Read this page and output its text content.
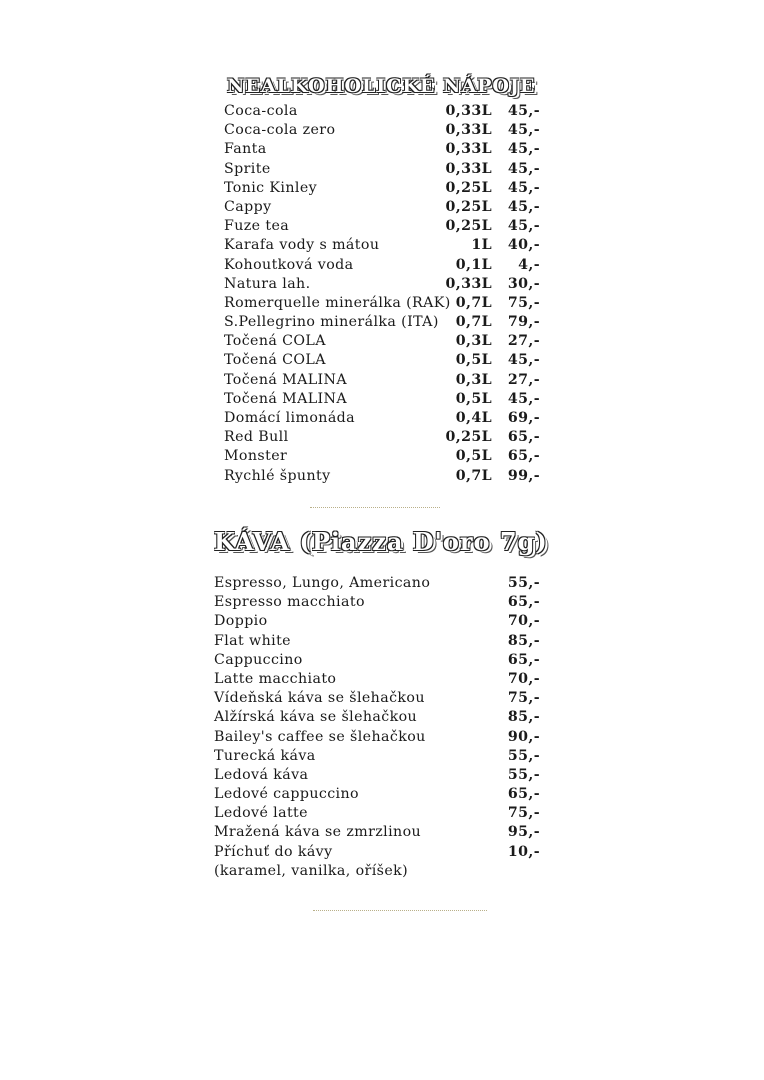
NEALKOHOLICKÉ NÁPOJE
Coca-cola	0,33L	45,-
Coca-cola zero	0,33L	45,-
Fanta	0,33L	45,-
Sprite	0,33L	45,-
Tonic Kinley	0,25L	45,-
Cappy	0,25L	45,-
Fuze tea	0,25L	45,-
Karafa vody s mátou	1L	40,-
Kohoutková voda	0,1L	4,-
Natura lah.	0,33L	30,-
Romerquelle minerálka (RAK) 0,7L	75,-
S.Pellegrino minerálka (ITA) 0,7L	79,-
Točená COLA	0,3L	27,-
Točená COLA	0,5L	45,-
Točená MALINA	0,3L	27,-
Točená MALINA	0,5L	45,-
Domácí limonáda	0,4L	69,-
Red Bull	0,25L	65,-
Monster	0,5L	65,-
Rychlé špunty	0,7L	99,-
KÁVA (Piazza D'oro 7g)
Espresso, Lungo, Americano	55,-
Espresso macchiato	65,-
Doppio	70,-
Flat white	85,-
Cappuccino	65,-
Latte macchiato	70,-
Vídeňská káva se šlehačkou	75,-
Alžírská káva se šlehačkou	85,-
Bailey's caffee se šlehačkou	90,-
Turecká káva	55,-
Ledová káva	55,-
Ledové cappuccino	65,-
Ledové latte	75,-
Mražená káva se zmrzlinou	95,-
Příchuť do kávy	10,-
(karamel, vanilka, oříšek)
